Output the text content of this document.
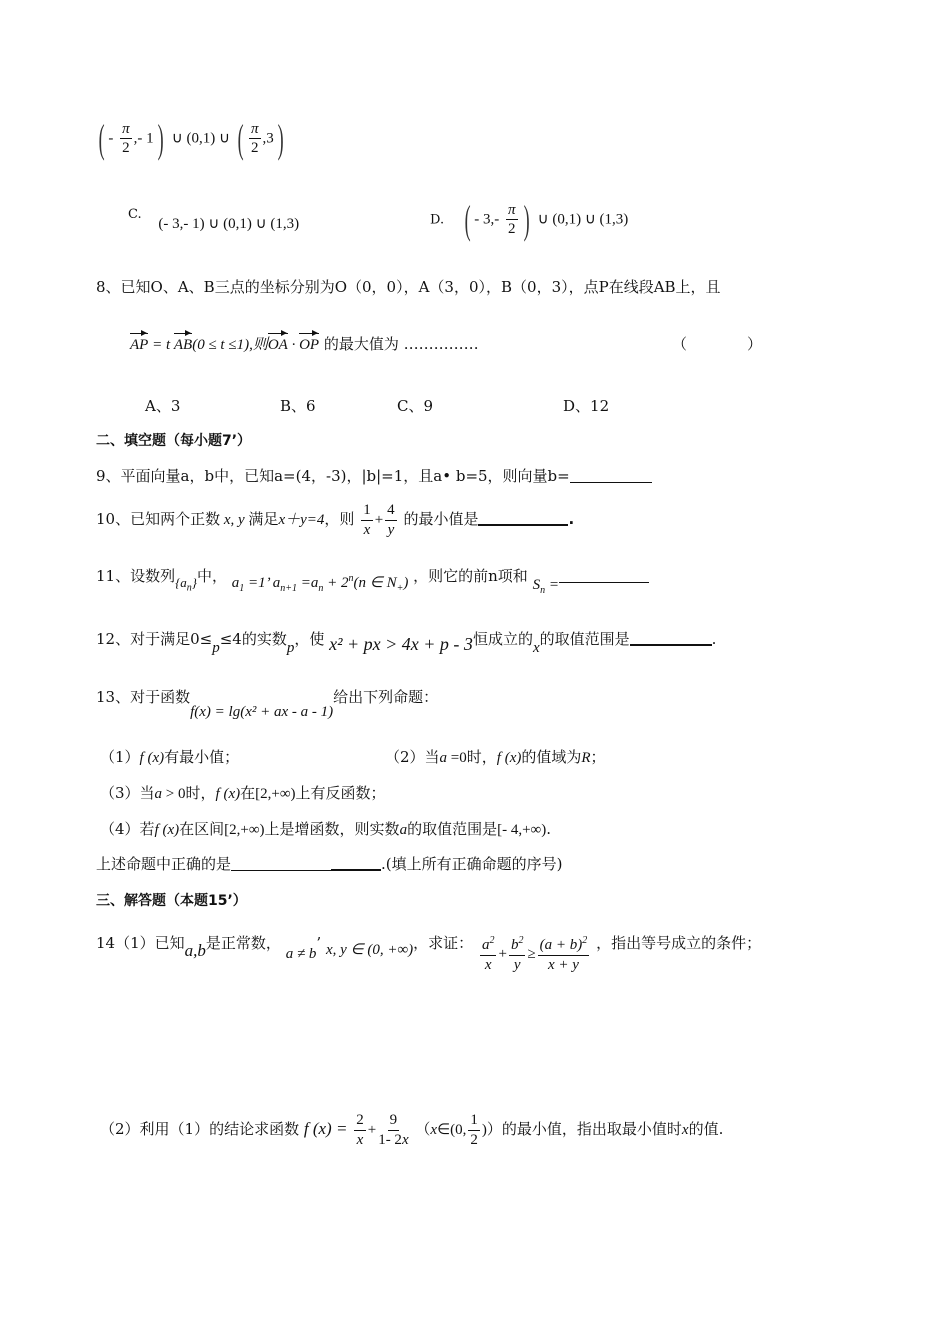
( - $\frac{\pi}{2}$ ,- 1) ∪ (0,1) ∪ ( $\frac{\pi}{2} ,3$)
C. (- 3,- 1) ∪ (0,1) ∪ (1,3)	D. ( - $3,- \frac{\pi}{2}$ ) ∪ (0,1) ∪ (1,3)
8、已知O、A、B三点的坐标分别为O（0，0），A（3，0），B（0，3），点P在线段AB上，且
AP = t AB(0 ≤ t ≤1),则OA · OP 的最大值为 ……………	（　　　　）
A、3	B、6	C、9	D、12
二、填空题（每小题7’）
9、平面向量a，b中，已知a=(4，-3)，|b|=1，且a• b=5，则向量b=
10、已知两个正数 x, y 满足x＋y=4，则 $\frac{1}{x} + \frac{4}{y}$ 的最小值是	.
11、设数列$\{a_n\}$中， $a_1 =1$’ $a_{n+1} =a_n + 2^n(n$ ∈ $N_+$) ，则它的前n项和 $S_n$ =
12、对于满足0≤p≤4的实数p，使 x² + px > 4x + p - 3恒成立的x的取值范围是	.
13、对于函数f(x) = lg(x² + ax - a - 1)给出下列命题：
（1）f (x)有最小值；	（2）当a =0时，f (x)的值域为R；
（3）当a > 0时，f (x)在[2,+∞)上有反函数；
（4）若f (x)在区间[2,+∞)上是增函数，则实数a的取值范围是[- 4,+∞).
上述命题中正确的是	.(填上所有正确命题的序号)
三、解答题（本题15’）
14（1）已知a,b是正常数， a ≠ b’ x, y ∈ (0, +∞)，求证： $\frac{a^2}{x} + \frac{b^2}{y} \ge \frac{(a + b)^2}{x + y}$ ，指出等号成立的条件；
（2）利用（1）的结论求函数 f $(x) = \frac{2}{x} + \frac{9}{1- 2x}$ （x∈(0, $\frac{1}{2}$ )）的最小值，指出取最小值时x的值.
